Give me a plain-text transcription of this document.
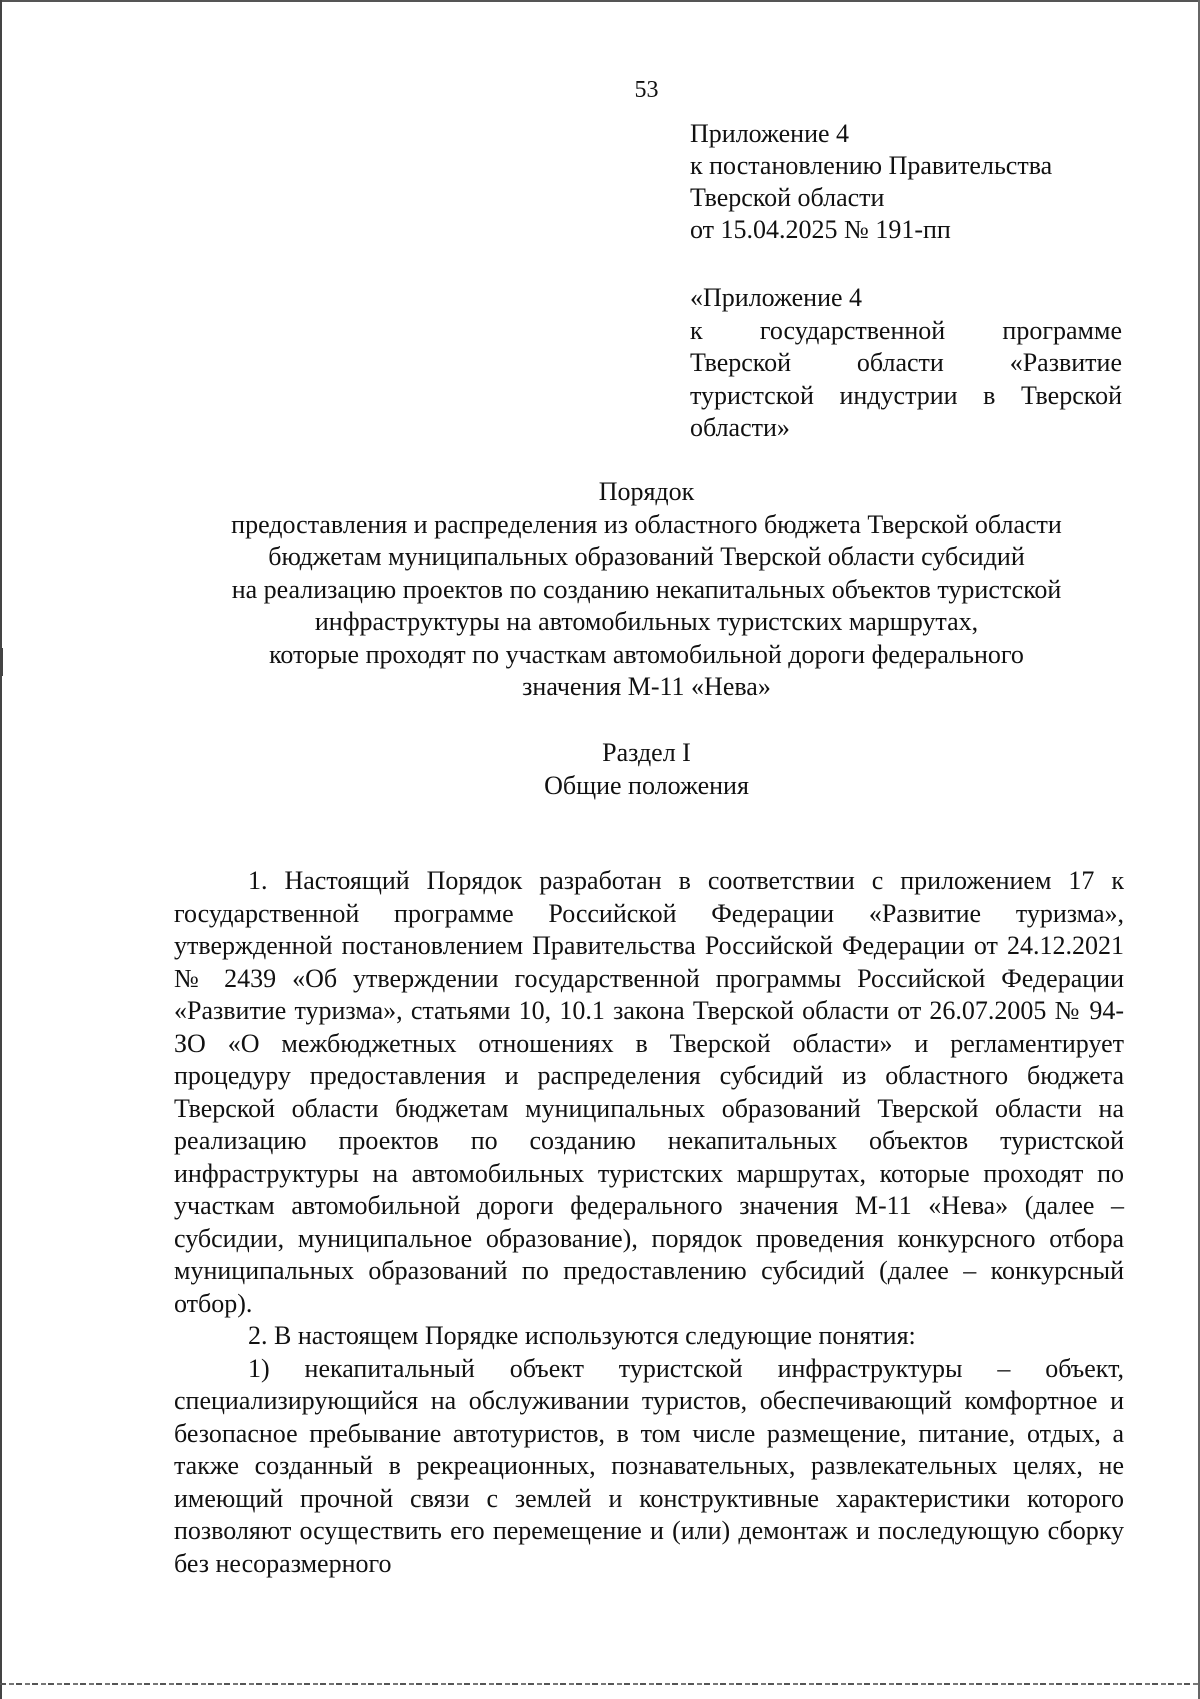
53
Приложение 4
к постановлению Правительства
Тверской области
от 15.04.2025 № 191-пп
«Приложение 4
к государственной программе Тверской области «Развитие туристской индустрии в Тверской области»
Порядок
предоставления и распределения из областного бюджета Тверской области
бюджетам муниципальных образований Тверской области субсидий
на реализацию проектов по созданию некапитальных объектов туристской
инфраструктуры на автомобильных туристских маршрутах,
которые проходят по участкам автомобильной дороги федерального
значения М-11 «Нева»
Раздел I
Общие положения

1. Настоящий Порядок разработан в соответствии с приложением 17 к государственной программе Российской Федерации «Развитие туризма», утвержденной постановлением Правительства Российской Федерации от 24.12.2021 № 2439 «Об утверждении государственной программы Российской Федерации «Развитие туризма», статьями 10, 10.1 закона Тверской области от 26.07.2005 № 94-ЗО «О межбюджетных отношениях в Тверской области» и регламентирует процедуру предоставления и распределения субсидий из областного бюджета Тверской области бюджетам муниципальных образований Тверской области на реализацию проектов по созданию некапитальных объектов туристской инфраструктуры на автомобильных туристских маршрутах, которые проходят по участкам автомобильной дороги федерального значения М-11 «Нева» (далее – субсидии, муниципальное образование), порядок проведения конкурсного отбора муниципальных образований по предоставлению субсидий (далее – конкурсный отбор).

2. В настоящем Порядке используются следующие понятия:

1) некапитальный объект туристской инфраструктуры – объект, специализирующийся на обслуживании туристов, обеспечивающий комфортное и безопасное пребывание автотуристов, в том числе размещение, питание, отдых, а также созданный в рекреационных, познавательных, развлекательных целях, не имеющий прочной связи с землей и конструктивные характеристики которого позволяют осуществить его перемещение и (или) демонтаж и последующую сборку без несоразмерного
